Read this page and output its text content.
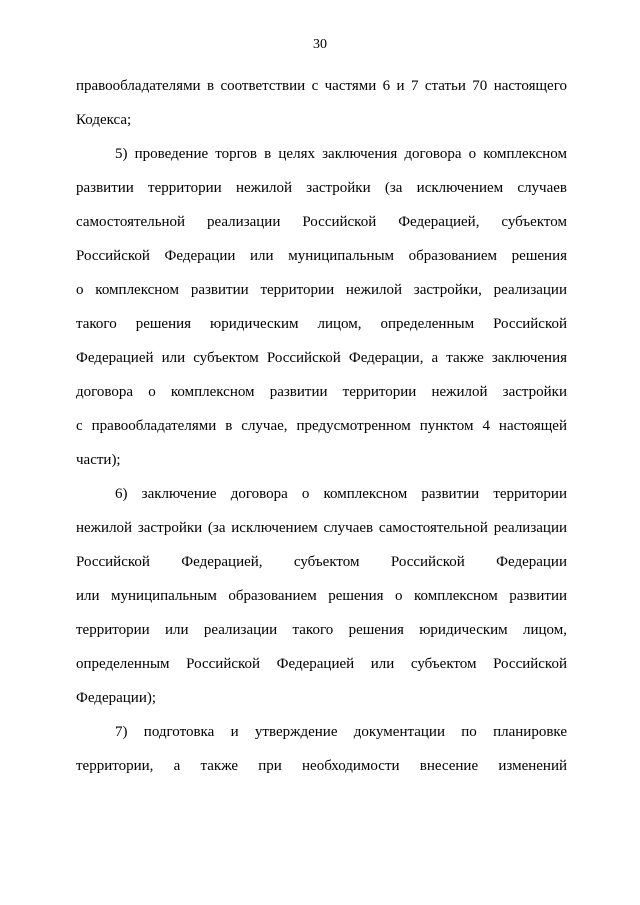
30
правообладателями в соответствии с частями 6 и 7 статьи 70 настоящего
Кодекса;
5) проведение торгов в целях заключения договора о комплексном
развитии территории нежилой застройки (за исключением случаев
самостоятельной реализации Российской Федерацией, субъектом
Российской Федерации или муниципальным образованием решения
о комплексном развитии территории нежилой застройки, реализации
такого решения юридическим лицом, определенным Российской
Федерацией или субъектом Российской Федерации, а также заключения
договора о комплексном развитии территории нежилой застройки
с правообладателями в случае, предусмотренном пунктом 4 настоящей
части);
6) заключение договора о комплексном развитии территории
нежилой застройки (за исключением случаев самостоятельной реализации
Российской Федерацией, субъектом Российской Федерации
или муниципальным образованием решения о комплексном развитии
территории или реализации такого решения юридическим лицом,
определенным Российской Федерацией или субъектом Российской
Федерации);
7) подготовка и утверждение документации по планировке
территории, а также при необходимости внесение изменений
